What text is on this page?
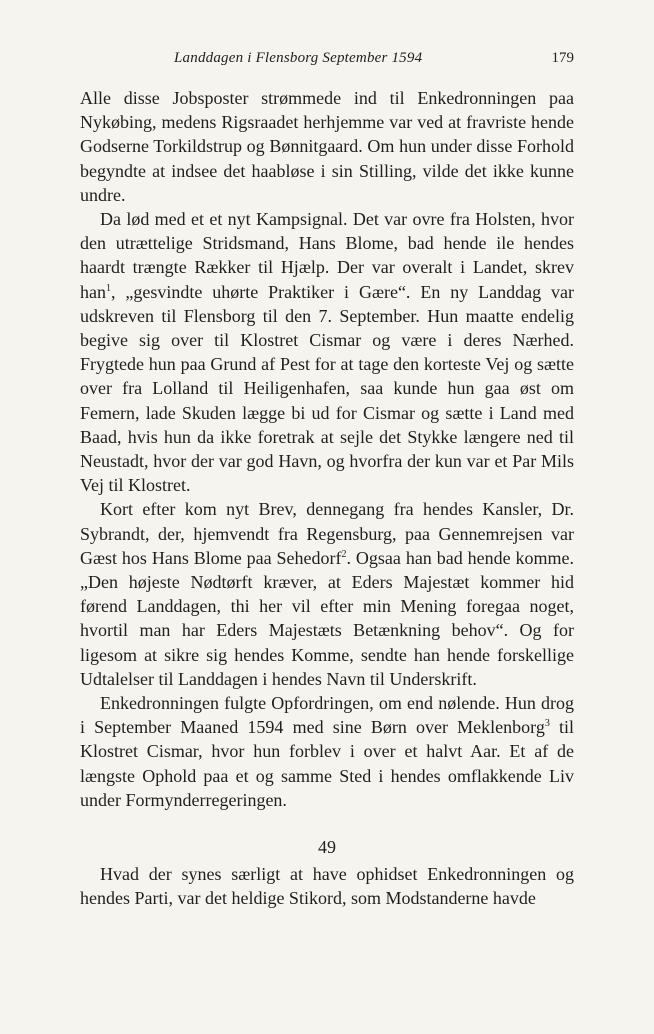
Landdagen i Flensborg September 1594	179

Alle disse Jobsposter strømmede ind til Enkedronningen paa Nykøbing, medens Rigsraadet herhjemme var ved at fravriste hende Godserne Torkildstrup og Bønnitgaard. Om hun under disse Forhold begyndte at indsee det haabløse i sin Stilling, vilde det ikke kunne undre.

Da lød med et et nyt Kampsignal. Det var ovre fra Holsten, hvor den utrættelige Stridsmand, Hans Blome, bad hende ile hendes haardt trængte Rækker til Hjælp. Der var overalt i Landet, skrev han$^1$, „gesvindte uhørte Praktiker i Gære“. En ny Landdag var udskreven til Flensborg til den 7. September. Hun maatte endelig begive sig over til Klostret Cismar og være i deres Nærhed. Frygtede hun paa Grund af Pest for at tage den korteste Vej og sætte over fra Lolland til Heiligenhafen, saa kunde hun gaa øst om Femern, lade Skuden lægge bi ud for Cismar og sætte i Land med Baad, hvis hun da ikke foretrak at sejle det Stykke længere ned til Neustadt, hvor der var god Havn, og hvorfra der kun var et Par Mils Vej til Klostret.

Kort efter kom nyt Brev, dennegang fra hendes Kansler, Dr. Sybrandt, der, hjemvendt fra Regensburg, paa Gennemrejsen var Gæst hos Hans Blome paa Sehedorf$^2$. Ogsaa han bad hende komme. „Den højeste Nødtørft kræver, at Eders Majestæt kommer hid førend Landdagen, thi her vil efter min Mening foregaa noget, hvortil man har Eders Majestæts Betænkning behov“. Og for ligesom at sikre sig hendes Komme, sendte han hende forskellige Udtalelser til Landdagen i hendes Navn til Underskrift.

Enkedronningen fulgte Opfordringen, om end nølende. Hun drog i September Maaned 1594 med sine Børn over Meklenborg$^3$ til Klostret Cismar, hvor hun forblev i over et halvt Aar. Et af de længste Ophold paa et og samme Sted i hendes omflakkende Liv under Formynderregeringen.

49

Hvad der synes særligt at have ophidset Enkedronningen og hendes Parti, var det heldige Stikord, som Modstanderne havde
